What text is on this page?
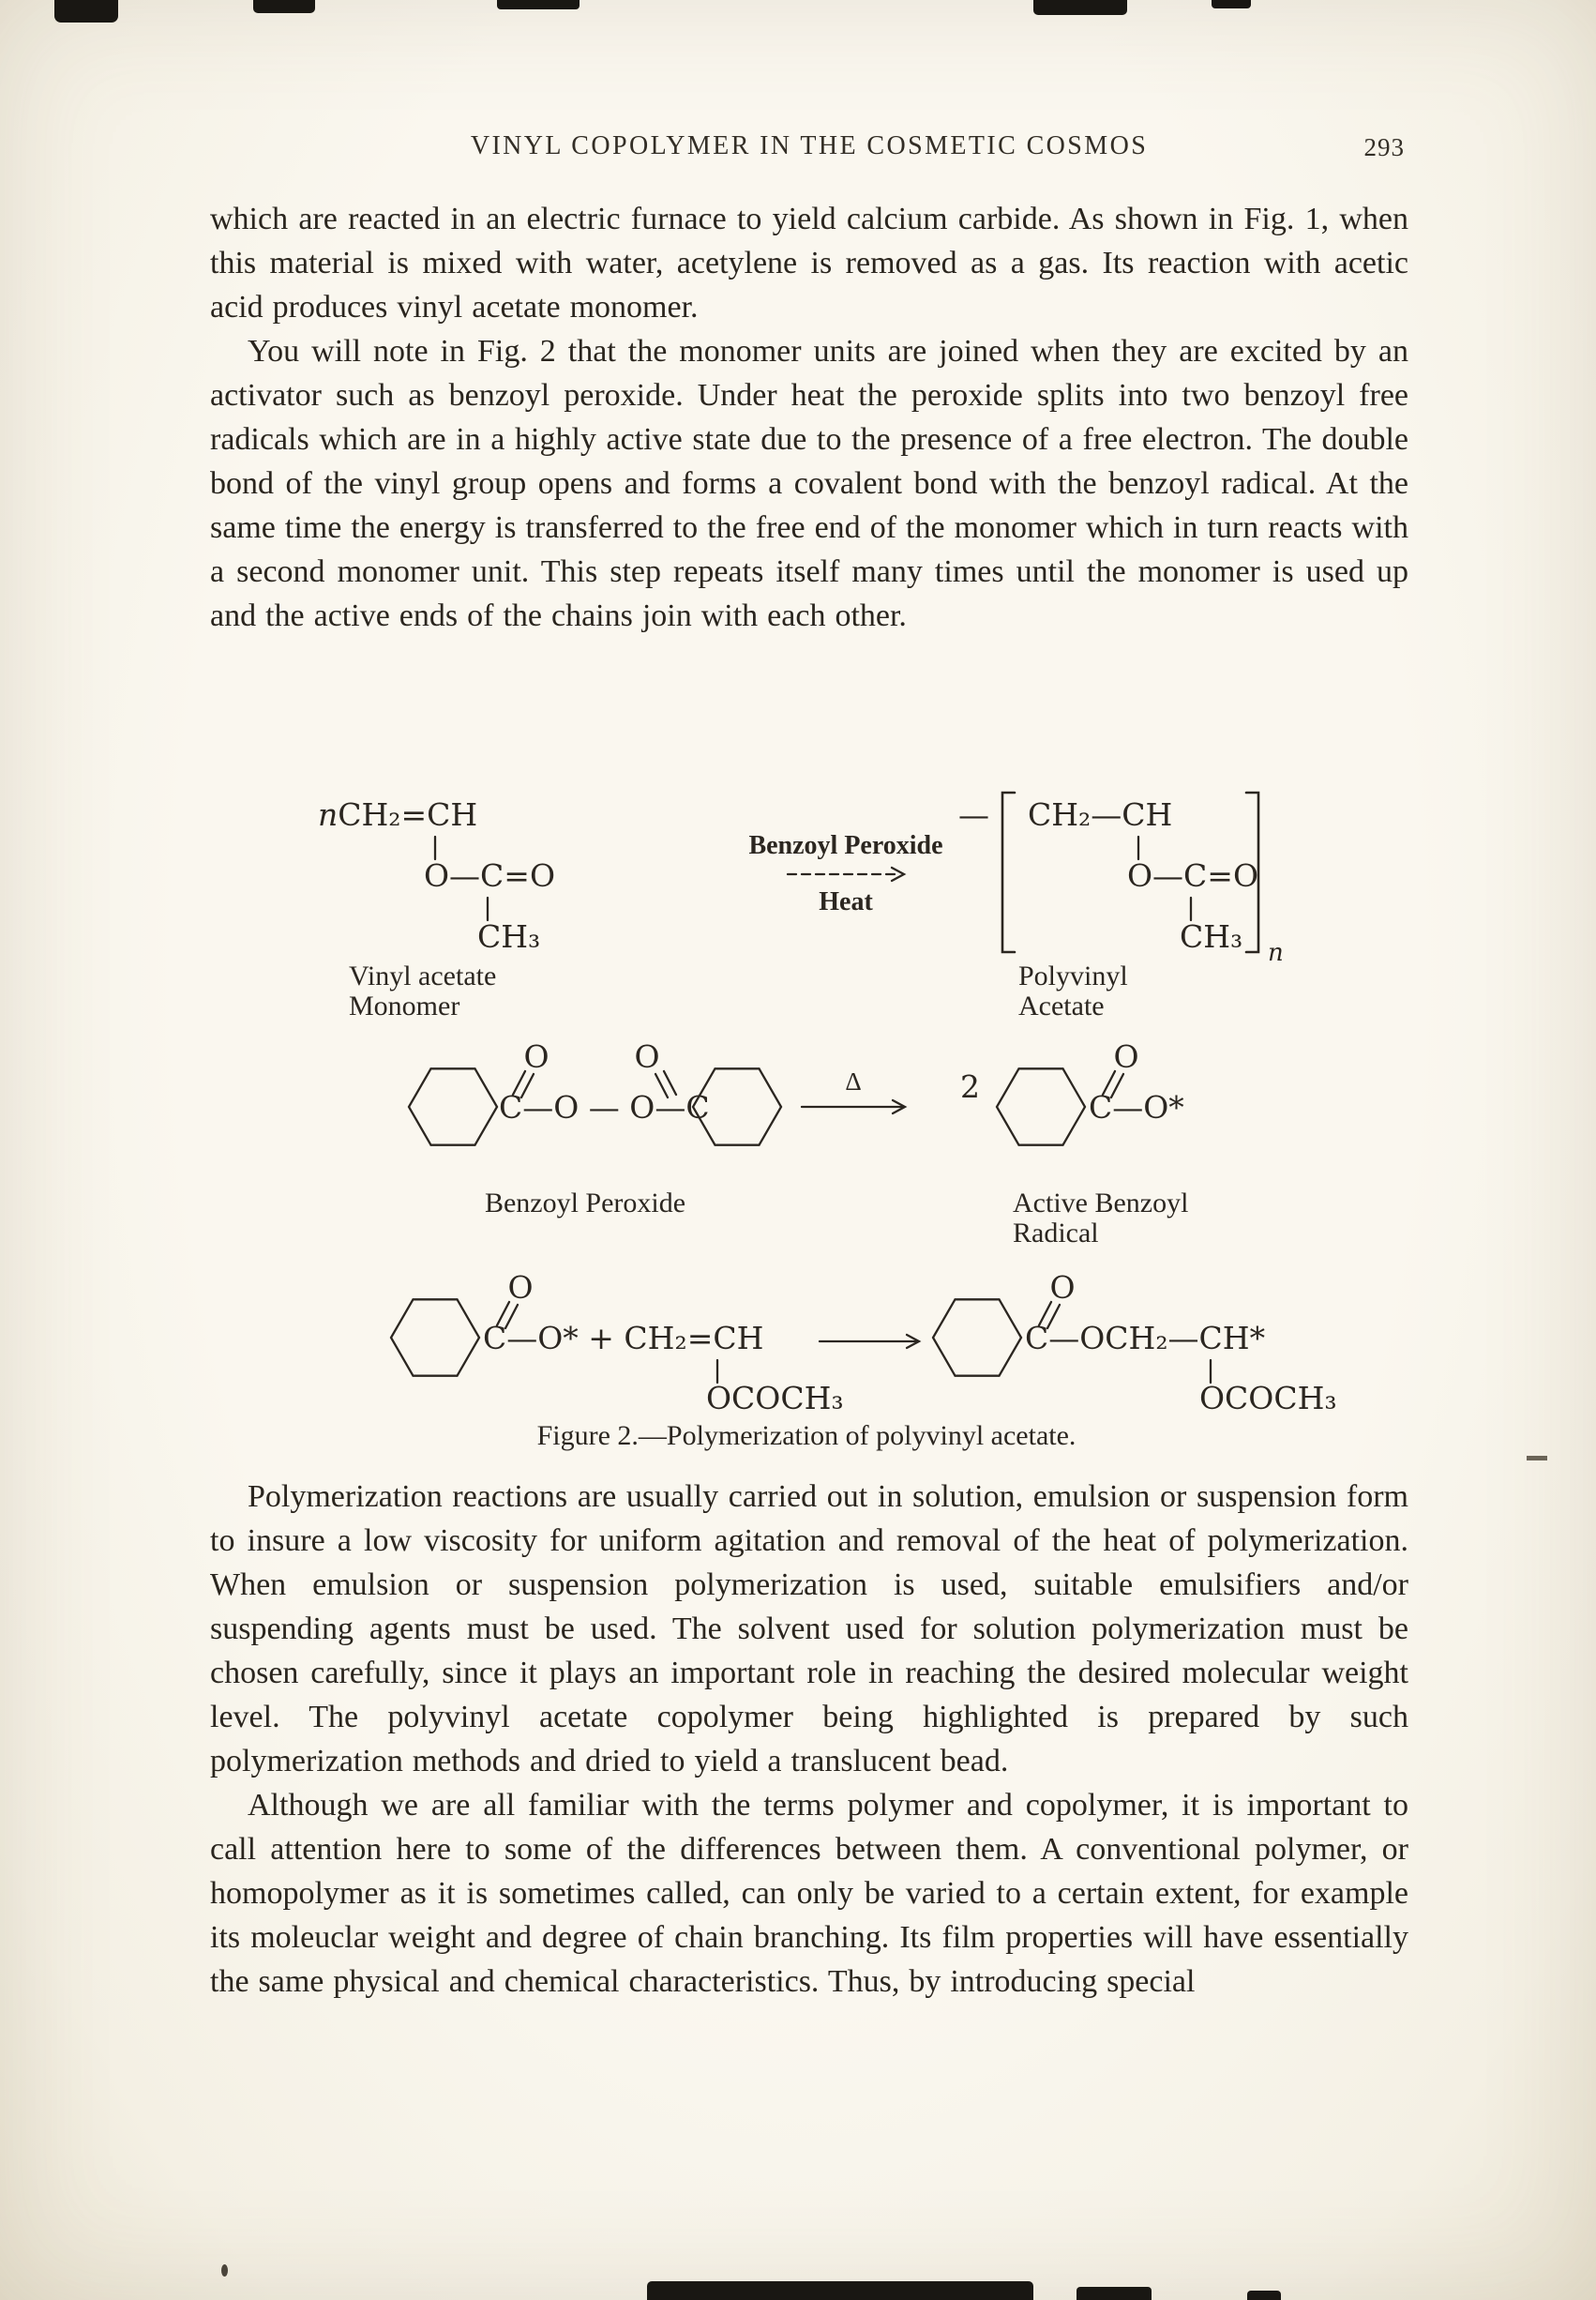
VINYL COPOLYMER IN THE COSMETIC COSMOS	293

which are reacted in an electric furnace to yield calcium carbide. As shown in Fig. 1, when this material is mixed with water, acetylene is removed as a gas. Its reaction with acetic acid produces vinyl acetate monomer.

You will note in Fig. 2 that the monomer units are joined when they are excited by an activator such as benzoyl peroxide. Under heat the peroxide splits into two benzoyl free radicals which are in a highly active state due to the presence of a free electron. The double bond of the vinyl group opens and forms a covalent bond with the benzoyl radical. At the same time the energy is transferred to the free end of the monomer which in turn reacts with a second monomer unit. This step repeats itself many times until the monomer is used up and the active ends of the chains join with each other.

nCH₂=CH
O—C=O
CH₃
Vinyl acetate
Monomer
Benzoyl Peroxide
Heat
— CH₂—CH
O—C=O
CH₃ n
Polyvinyl
Acetate
C—O — O—C
O	O
Benzoyl Peroxide
Δ	2
C—O*
O
Active Benzoyl
Radical
C—O* + CH₂=CH
O
OCOCH₃
C—OCH₂—CH*
O
OCOCH₃
Figure 2.—Polymerization of polyvinyl acetate.

Polymerization reactions are usually carried out in solution, emulsion or suspension form to insure a low viscosity for uniform agitation and removal of the heat of polymerization. When emulsion or suspension polymerization is used, suitable emulsifiers and/or suspending agents must be used. The solvent used for solution polymerization must be chosen carefully, since it plays an important role in reaching the desired molecular weight level. The polyvinyl acetate copolymer being highlighted is prepared by such polymerization methods and dried to yield a translucent bead.

Although we are all familiar with the terms polymer and copolymer, it is important to call attention here to some of the differences between them. A conventional polymer, or homopolymer as it is sometimes called, can only be varied to a certain extent, for example its moleuclar weight and degree of chain branching. Its film properties will have essentially the same physical and chemical characteristics. Thus, by introducing special
